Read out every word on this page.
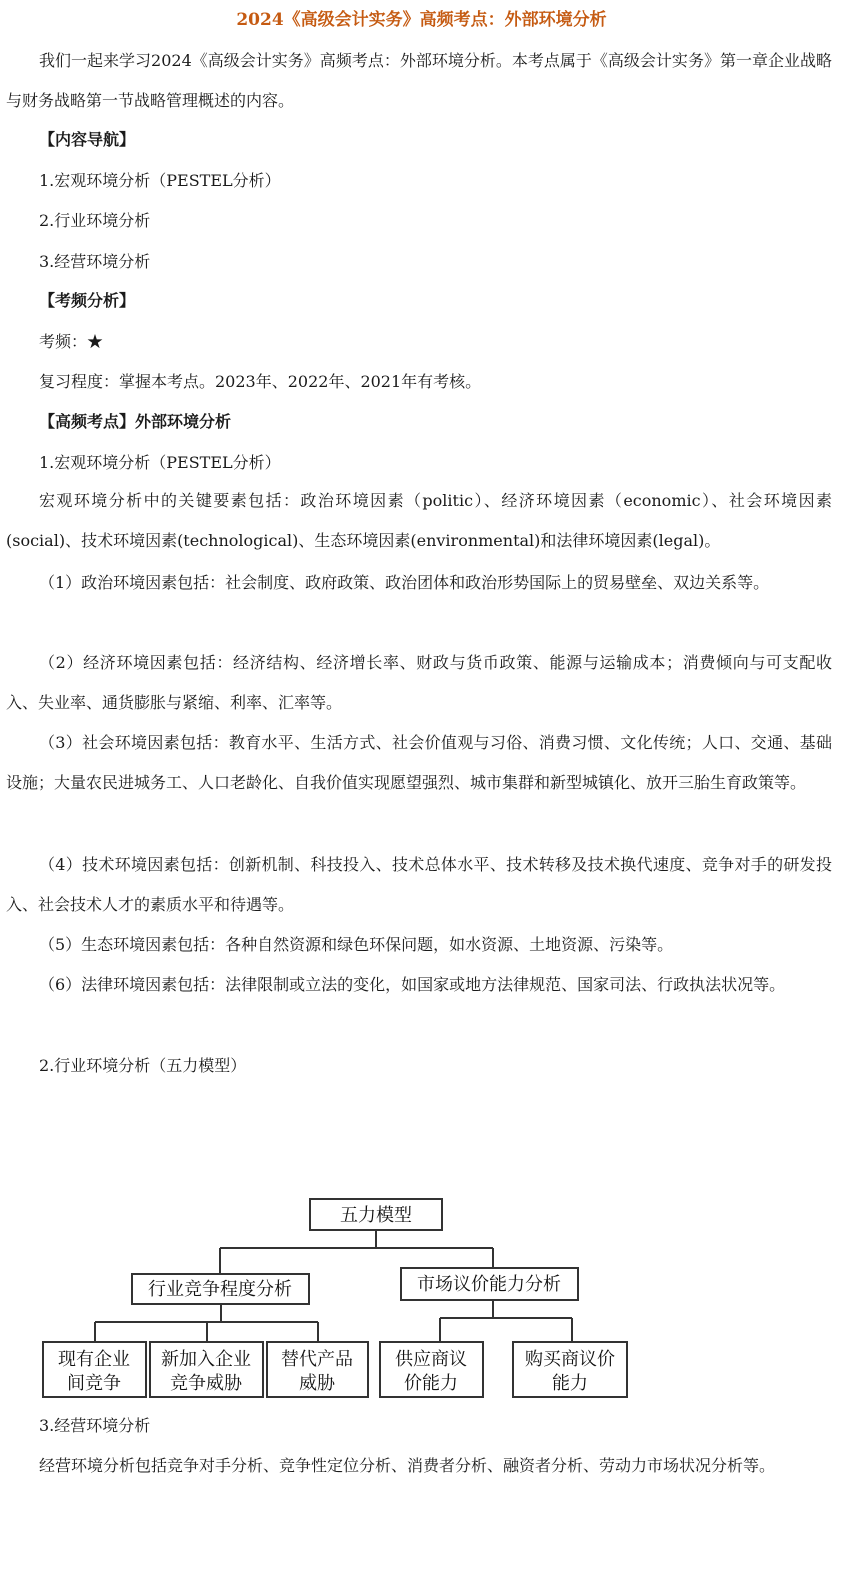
2024《高级会计实务》高频考点：外部环境分析
我们一起来学习2024《高级会计实务》高频考点：外部环境分析。本考点属于《高级会计实务》第一章企业战略与财务战略第一节战略管理概述的内容。
【内容导航】
1.宏观环境分析（PESTEL分析）
2.行业环境分析
3.经营环境分析
【考频分析】
考频：★
复习程度：掌握本考点。2023年、2022年、2021年有考核。
【高频考点】外部环境分析
1.宏观环境分析（PESTEL分析）
宏观环境分析中的关键要素包括：政治环境因素（politic）、经济环境因素（economic）、社会环境因素(social)、技术环境因素(technological)、生态环境因素(environmental)和法律环境因素(legal)。
（1）政治环境因素包括：社会制度、政府政策、政治团体和政治形势国际上的贸易壁垒、双边关系等。
（2）经济环境因素包括：经济结构、经济增长率、财政与货币政策、能源与运输成本；消费倾向与可支配收入、失业率、通货膨胀与紧缩、利率、汇率等。
（3）社会环境因素包括：教育水平、生活方式、社会价值观与习俗、消费习惯、文化传统；人口、交通、基础设施；大量农民进城务工、人口老龄化、自我价值实现愿望强烈、城市集群和新型城镇化、放开三胎生育政策等。
（4）技术环境因素包括：创新机制、科技投入、技术总体水平、技术转移及技术换代速度、竞争对手的研发投入、社会技术人才的素质水平和待遇等。
（5）生态环境因素包括：各种自然资源和绿色环保问题，如水资源、土地资源、污染等。
（6）法律环境因素包括：法律限制或立法的变化，如国家或地方法律规范、国家司法、行政执法状况等。
2.行业环境分析（五力模型）
五力模型
行业竞争程度分析	市场议价能力分析
现有企业
间竞争
新加入企业
竞争威胁
替代产品
威胁
供应商议
价能力
购买商议价
能力
3.经营环境分析
经营环境分析包括竞争对手分析、竞争性定位分析、消费者分析、融资者分析、劳动力市场状况分析等。
